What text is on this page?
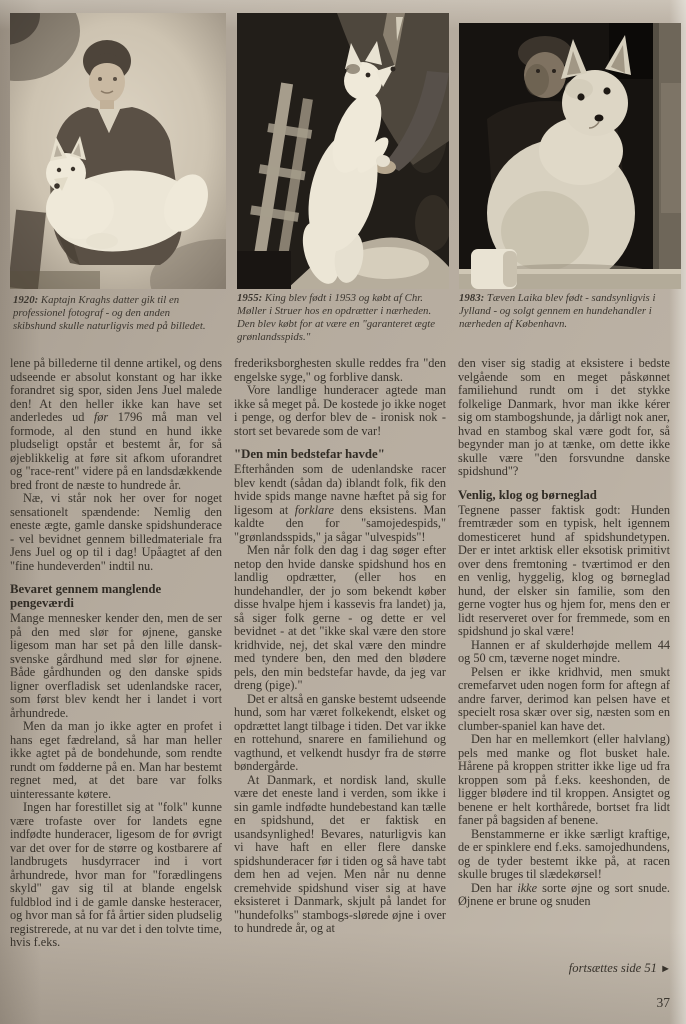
1920: Kaptajn Kraghs datter gik til en professionel fotograf - og den anden skibshund skulle naturligvis med på billedet.
1955: King blev født i 1953 og købt af Chr. Møller i Struer hos en opdrætter i nærheden. Den blev købt for at være en "garanteret ægte grønlandsspids."
1983: Tæven Laika blev født - sandsynligvis i Jylland - og solgt gennem en hundehandler i nærheden af København.

lene på billederne til denne artikel, og dens udseende er absolut konstant og har ikke forandret sig spor, siden Jens Juel malede den! At den heller ikke kan have set anderledes ud før 1796 må man vel formode, al den stund en hund ikke pludseligt opstår et bestemt år, for så øjeblikkelig at føre sit afkom uforandret og "race-rent" videre på en landsdækkende bred front de næste to hundrede år.

Næ, vi står nok her over for noget sensationelt spændende: Nemlig den eneste ægte, gamle danske spidshunderace - vel bevidnet gennem billedmateriale fra Jens Juel og op til i dag! Upåagtet af den "fine hundeverden" indtil nu.

Bevaret gennem manglende pengeværdi

Mange mennesker kender den, men de ser på den med slør for øjnene, ganske ligesom man har set på den lille dansk-svenske gårdhund med slør for øjnene. Både gårdhunden og den danske spids ligner overfladisk set udenlandske racer, som først blev kendt her i landet i vort århundrede.

Men da man jo ikke agter en profet i hans eget fædreland, så har man heller ikke agtet på de bondehunde, som rendte rundt om fødderne på en. Man har bestemt regnet med, at det bare var folks uinteressante køtere.

Ingen har forestillet sig at "folk" kunne være trofaste over for landets egne indfødte hunderacer, ligesom de for øvrigt var det over for de større og kostbarere af landbrugets husdyrracer ind i vort århundrede, hvor man for "forædlingens skyld" gav sig til at blande engelsk fuldblod ind i de gamle danske hesteracer, og hvor man så for få årtier siden pludselig registrerede, at nu var det i den tolvte time, hvis f.eks.

frederiksborghesten skulle reddes fra "den engelske syge," og forblive dansk.

Vore landlige hunderacer agtede man ikke så meget på. De kostede jo ikke noget i penge, og derfor blev de - ironisk nok - stort set bevarede som de var!

"Den min bedstefar havde"

Efterhånden som de udenlandske racer blev kendt (sådan da) iblandt folk, fik den hvide spids mange navne hæftet på sig for ligesom at forklare dens eksistens. Man kaldte den for "samojedespids," "grønlandsspids," ja sågar "ulvespids"!

Men når folk den dag i dag søger efter netop den hvide danske spidshund hos en landlig opdrætter, (eller hos en hundehandler, der jo som bekendt køber disse hvalpe hjem i kassevis fra landet) ja, så siger folk gerne - og dette er vel bevidnet - at det "ikke skal være den store kridhvide, nej, det skal være den mindre med tyndere ben, den med den blødere pels, den min bedstefar havde, da jeg var dreng (pige)."

Det er altså en ganske bestemt udseende hund, som har været folkekendt, elsket og opdrættet langt tilbage i tiden. Det var ikke en rottehund, snarere en familiehund og vagthund, et velkendt husdyr fra de større bøndergårde.

At Danmark, et nordisk land, skulle være det eneste land i verden, som ikke i sin gamle indfødte hundebestand kan tælle en spidshund, det er faktisk en usandsynlighed! Bevares, naturligvis kan vi have haft en eller flere danske spidshunderacer før i tiden og så have tabt dem hen ad vejen. Men når nu denne cremehvide spidshund viser sig at have eksisteret i Danmark, skjult på landet for "hundefolks" stambogs-slørede øjne i over to hundrede år, og at

den viser sig stadig at eksistere i bedste velgående som en meget påskønnet familiehund rundt om i det stykke folkelige Danmark, hvor man ikke kérer sig om stambogshunde, ja dårligt nok aner, hvad en stambog skal være godt for, så begynder man jo at tænke, om dette ikke skulle være "den forsvundne danske spidshund"?

Venlig, klog og børneglad

Tegnene passer faktisk godt: Hunden fremtræder som en typisk, helt igennem domesticeret hund af spidshundetypen. Der er intet arktisk eller eksotisk primitivt over dens fremtoning - tværtimod er den en venlig, hyggelig, klog og børneglad hund, der elsker sin familie, som den gerne vogter hus og hjem for, mens den er lidt reserveret over for fremmede, som en spidshund jo skal være!

Hannen er af skulderhøjde mellem 44 og 50 cm, tæverne noget mindre.

Pelsen er ikke kridhvid, men smukt cremefarvet uden nogen form for aftegn af andre farver, derimod kan pelsen have et specielt rosa skær over sig, næsten som en clumber-spaniel kan have det.

Den har en mellemkort (eller halvlang) pels med manke og flot busket hale. Hårene på kroppen stritter ikke lige ud fra kroppen som på f.eks. keeshonden, de ligger blødere ind til kroppen. Ansigtet og benene er helt korthårede, bortset fra lidt faner på bagsiden af benene.

Benstammerne er ikke særligt kraftige, de er spinklere end f.eks. samojedhundens, og de tyder bestemt ikke på, at racen skulle bruges til slædekørsel!

Den har ikke sorte øjne og sort snude. Øjnene er brune og snuden

fortsættes side 51 ►
37
